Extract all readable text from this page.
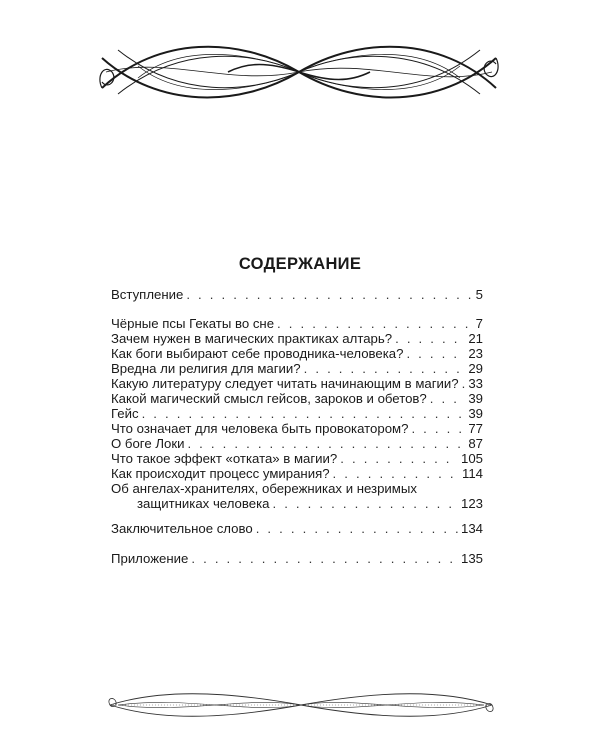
СОДЕРЖАНИЕ
Вступление . . .	5
Чёрные псы Гекаты во сне . . .	7
Зачем нужен в магических практиках алтарь? . . .	21
Как боги выбирают себе проводника-человека? . . .	23
Вредна ли религия для магии? . . .	29
Какую литературу следует читать начинающим в магии? . . . 33
Какой магический смысл гейсов, зароков и обетов? . . .	39
Гейс . . .	39
Что означает для человека быть провокатором? . . .	77
О боге Локи . . .	87
Что такое эффект «отката» в магии? . . .	105
Как происходит процесс умирания? . . .	114
Об ангелах-хранителях, обережниках и незримых
защитниках человека . . .	123
Заключительное слово . . .	134
Приложение . . .	135
